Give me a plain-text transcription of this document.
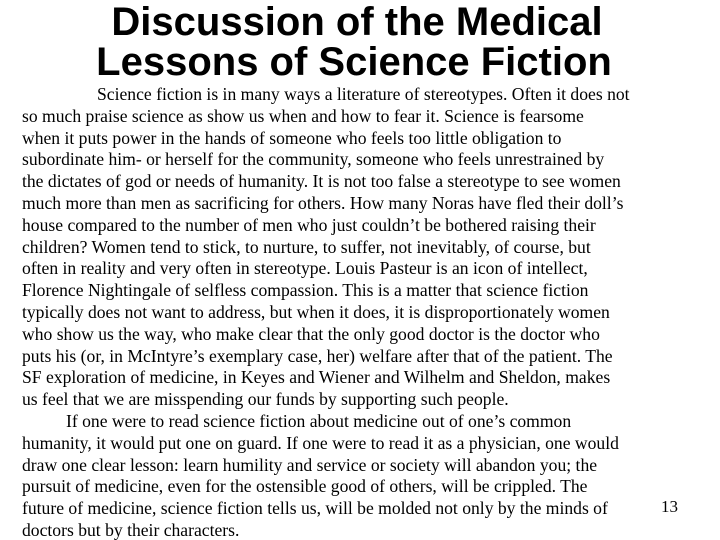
Discussion of the Medical
Lessons of Science Fiction
Science fiction is in many ways a literature of stereotypes. Often it does not
so much praise science as show us when and how to fear it. Science is fearsome
when it puts power in the hands of someone who feels too little obligation to
subordinate him- or herself for the community, someone who feels unrestrained by
the dictates of god or needs of humanity. It is not too false a stereotype to see women
much more than men as sacrificing for others. How many Noras have fled their doll’s
house compared to the number of men who just couldn’t be bothered raising their
children? Women tend to stick, to nurture, to suffer, not inevitably, of course, but
often in reality and very often in stereotype. Louis Pasteur is an icon of intellect,
Florence Nightingale of selfless compassion. This is a matter that science fiction
typically does not want to address, but when it does, it is disproportionately women
who show us the way, who make clear that the only good doctor is the doctor who
puts his (or, in McIntyre’s exemplary case, her) welfare after that of the patient. The
SF exploration of medicine, in Keyes and Wiener and Wilhelm and Sheldon, makes
us feel that we are misspending our funds by supporting such people.
If one were to read science fiction about medicine out of one’s common
humanity, it would put one on guard. If one were to read it as a physician, one would
draw one clear lesson: learn humility and service or society will abandon you; the
pursuit of medicine, even for the ostensible good of others, will be crippled. The
future of medicine, science fiction tells us, will be molded not only by the minds of
doctors but by their characters.
13
